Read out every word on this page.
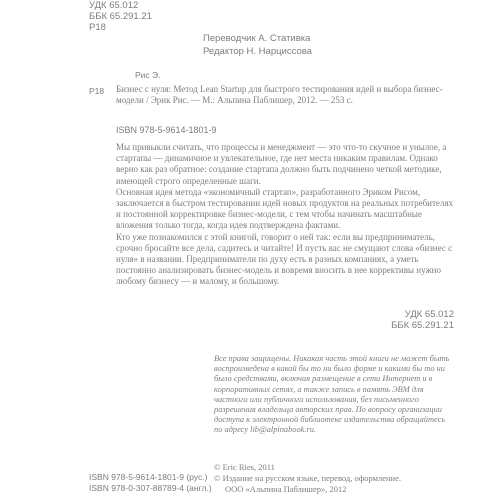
УДК 65.012
ББК 65.291.21
Р18
Переводчик А. Стативка
Редактор Н. Нарциссова
Рис Э.
Р18 Бизнес с нуля: Метод Lean Startup для быстрого тестирования идей и выбора бизнес-модели / Эрик Рис. — М.: Альпина Паблишер, 2012. — 253 с.
ISBN 978-5-9614-1801-9

Мы привыкли считать, что процессы и менеджмент — это что-то скучное и унылое, а стартапы — динамичное и увлекательное, где нет места никаким правилам. Однако верно как раз обратное: создание стартапа должно быть подчинено четкой методике, имеющей строго определенные шаги.

Основная идея метода «экономичный стартап», разработанного Эриком Рисом, заключается в быстром тестировании идей новых продуктов на реальных потребителях и постоянной корректировке бизнес-модели, с тем чтобы начинать масштабные вложения только тогда, когда идея подтверждена фактами.

Кто уже познакомился с этой книгой, говорит о ней так: если вы предприниматель, срочно бросайте все дела, садитесь и читайте! И пусть вас не смущают слова «бизнес с нуля» в названии. Предприниматели по духу есть в разных компаниях, а уметь постоянно анализировать бизнес-модель и вовремя вносить в нее коррективы нужно любому бизнесу — и малому, и большому.

УДК 65.012
ББК 65.291.21
Все права защищены. Никакая часть этой книги не может быть воспроизведена в какой бы то ни было форме и какими бы то ни было средствами, включая размещение в сети Интернет и в корпоративных сетях, а также запись в память ЭВМ для частного или публичного использования, без письменного разрешения владельца авторских прав. По вопросу организации доступа к электронной библиотеке издательства обращайтесь по адресу lib@alpinabook.ru.
ISBN 978-5-9614-1801-9 (рус.)
ISBN 978-0-307-88789-4 (англ.)
© Eric Ries, 2011
© Издание на русском языке, перевод, оформление.
ООО «Альпина Паблишер», 2012
